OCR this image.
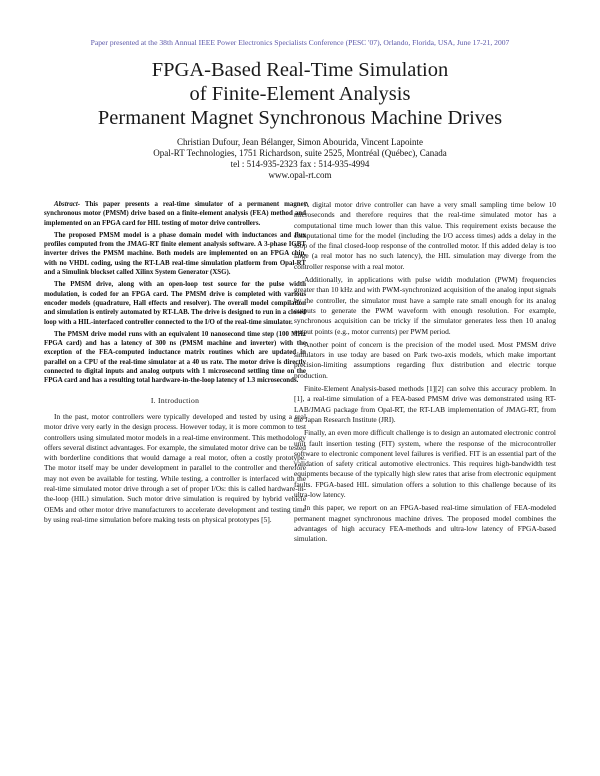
Paper presented at the 38th Annual IEEE Power Electronics Specialists Conference (PESC '07), Orlando, Florida, USA, June 17-21, 2007
FPGA-Based Real-Time Simulation
of Finite-Element Analysis
Permanent Magnet Synchronous Machine Drives
Christian Dufour, Jean Bélanger, Simon Abourida, Vincent Lapointe
Opal-RT Technologies, 1751 Richardson, suite 2525, Montréal (Québec), Canada
tel : 514-935-2323 fax : 514-935-4994
www.opal-rt.com

Abstract- This paper presents a real-time simulator of a permanent magnet synchronous motor (PMSM) drive based on a finite-element analysis (FEA) method and implemented on an FPGA card for HIL testing of motor drive controllers.

The proposed PMSM model is a phase domain model with inductances and flux profiles computed from the JMAG-RT finite element analysis software. A 3-phase IGBT inverter drives the PMSM machine. Both models are implemented on an FPGA chip, with no VHDL coding, using the RT-LAB real-time simulation platform from Opal-RT and a Simulink blockset called Xilinx System Generator (XSG).

The PMSM drive, along with an open-loop test source for the pulse width modulation, is coded for an FPGA card. The PMSM drive is completed with various encoder models (quadrature, Hall effects and resolver). The overall model compilation and simulation is entirely automated by RT-LAB. The drive is designed to run in a closed loop with a HIL-interfaced controller connected to the I/O of the real-time simulator.

The PMSM drive model runs with an equivalent 10 nanosecond time step (100 MHz FPGA card) and has a latency of 300 ns (PMSM machine and inverter) with the exception of the FEA-computed inductance matrix routines which are updated in parallel on a CPU of the real-time simulator at a 40 us rate. The motor drive is directly connected to digital inputs and analog outputs with 1 microsecond settling time on the FPGA card and has a resulting total hardware-in-the-loop latency of 1.3 microseconds.

I. Introduction

In the past, motor controllers were typically developed and tested by using a real motor drive very early in the design process. However today, it is more common to test controllers using simulated motor models in a real-time environment. This methodology offers several distinct advantages. For example, the simulated motor drive can be tested with borderline conditions that would damage a real motor, often a costly prototype. The motor itself may be under development in parallel to the controller and therefore may not even be available for testing. While testing, a controller is interfaced with the real-time simulated motor drive through a set of proper I/Os: this is called hardware-in-the-loop (HIL) simulation. Such motor drive simulation is required by hybrid vehicle OEMs and other motor drive manufacturers to accelerate development and testing time by using real-time simulation before making tests on physical prototypes [5].

A digital motor drive controller can have a very small sampling time below 10 microseconds and therefore requires that the real-time simulated motor has a computational time much lower than this value. This requirement exists because the computational time for the model (including the I/O access times) adds a delay in the loop of the final closed-loop response of the controlled motor. If this added delay is too large (a real motor has no such latency), the HIL simulation may diverge from the controller response with a real motor.

Additionally, in applications with pulse width modulation (PWM) frequencies greater than 10 kHz and with PWM-synchronized acquisition of the analog input signals by the controller, the simulator must have a sample rate small enough for its analog outputs to generate the PWM waveform with enough resolution. For example, synchronous acquisition can be tricky if the simulator generates less then 10 analog output points (e.g., motor currents) per PWM period.

Another point of concern is the precision of the model used. Most PMSM drive simulators in use today are based on Park two-axis models, which make important precision-limiting assumptions regarding flux distribution and electric torque production.

Finite-Element Analysis-based methods [1][2] can solve this accuracy problem. In [1], a real-time simulation of a FEA-based PMSM drive was demonstrated using RT-LAB/JMAG package from Opal-RT, the RT-LAB implementation of JMAG-RT, from the Japan Research Institute (JRI).

Finally, an even more difficult challenge is to design an automated electronic control unit fault insertion testing (FIT) system, where the response of the microcontroller software to electronic component level failures is verified. FIT is an essential part of the validation of safety critical automotive electronics. This requires high-bandwidth test equipments because of the typically high slew rates that arise from electronic equipment faults. FPGA-based HIL simulation offers a solution to this challenge because of its ultra-low latency.

In this paper, we report on an FPGA-based real-time simulation of FEA-modeled permanent magnet synchronous machine drives. The proposed model combines the advantages of high accuracy FEA-methods and ultra-low latency of FPGA-based simulation.
